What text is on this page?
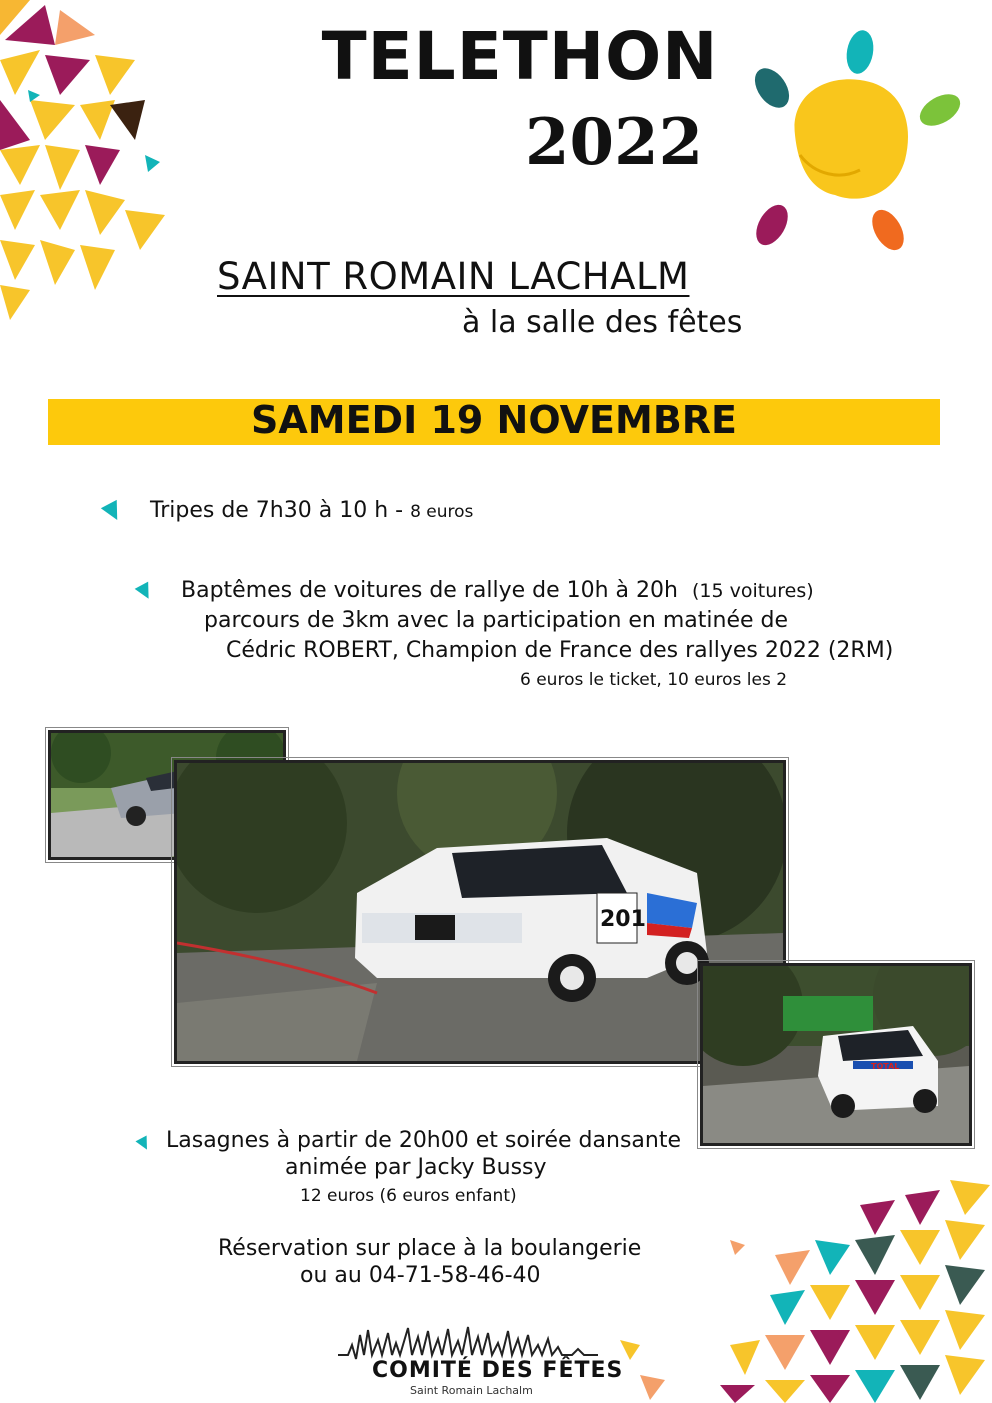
TELETHON
2022
SAINT ROMAIN LACHALM
à la salle des fêtes
SAMEDI 19 NOVEMBRE
Tripes de 7h30 à 10 h - 8 euros
Baptêmes de voitures de rallye de 10h à 20h (15 voitures)
parcours de 3km avec la participation en matinée de
Cédric ROBERT, Champion de France des rallyes 2022 (2RM)
6 euros le ticket, 10 euros les 2
201
TOTAL
Lasagnes à partir de 20h00 et soirée dansante
animée par Jacky Bussy
12 euros (6 euros enfant)
Réservation sur place à la boulangerie
ou au 04-71-58-46-40
COMITÉ DES FÊTES
Saint Romain Lachalm
